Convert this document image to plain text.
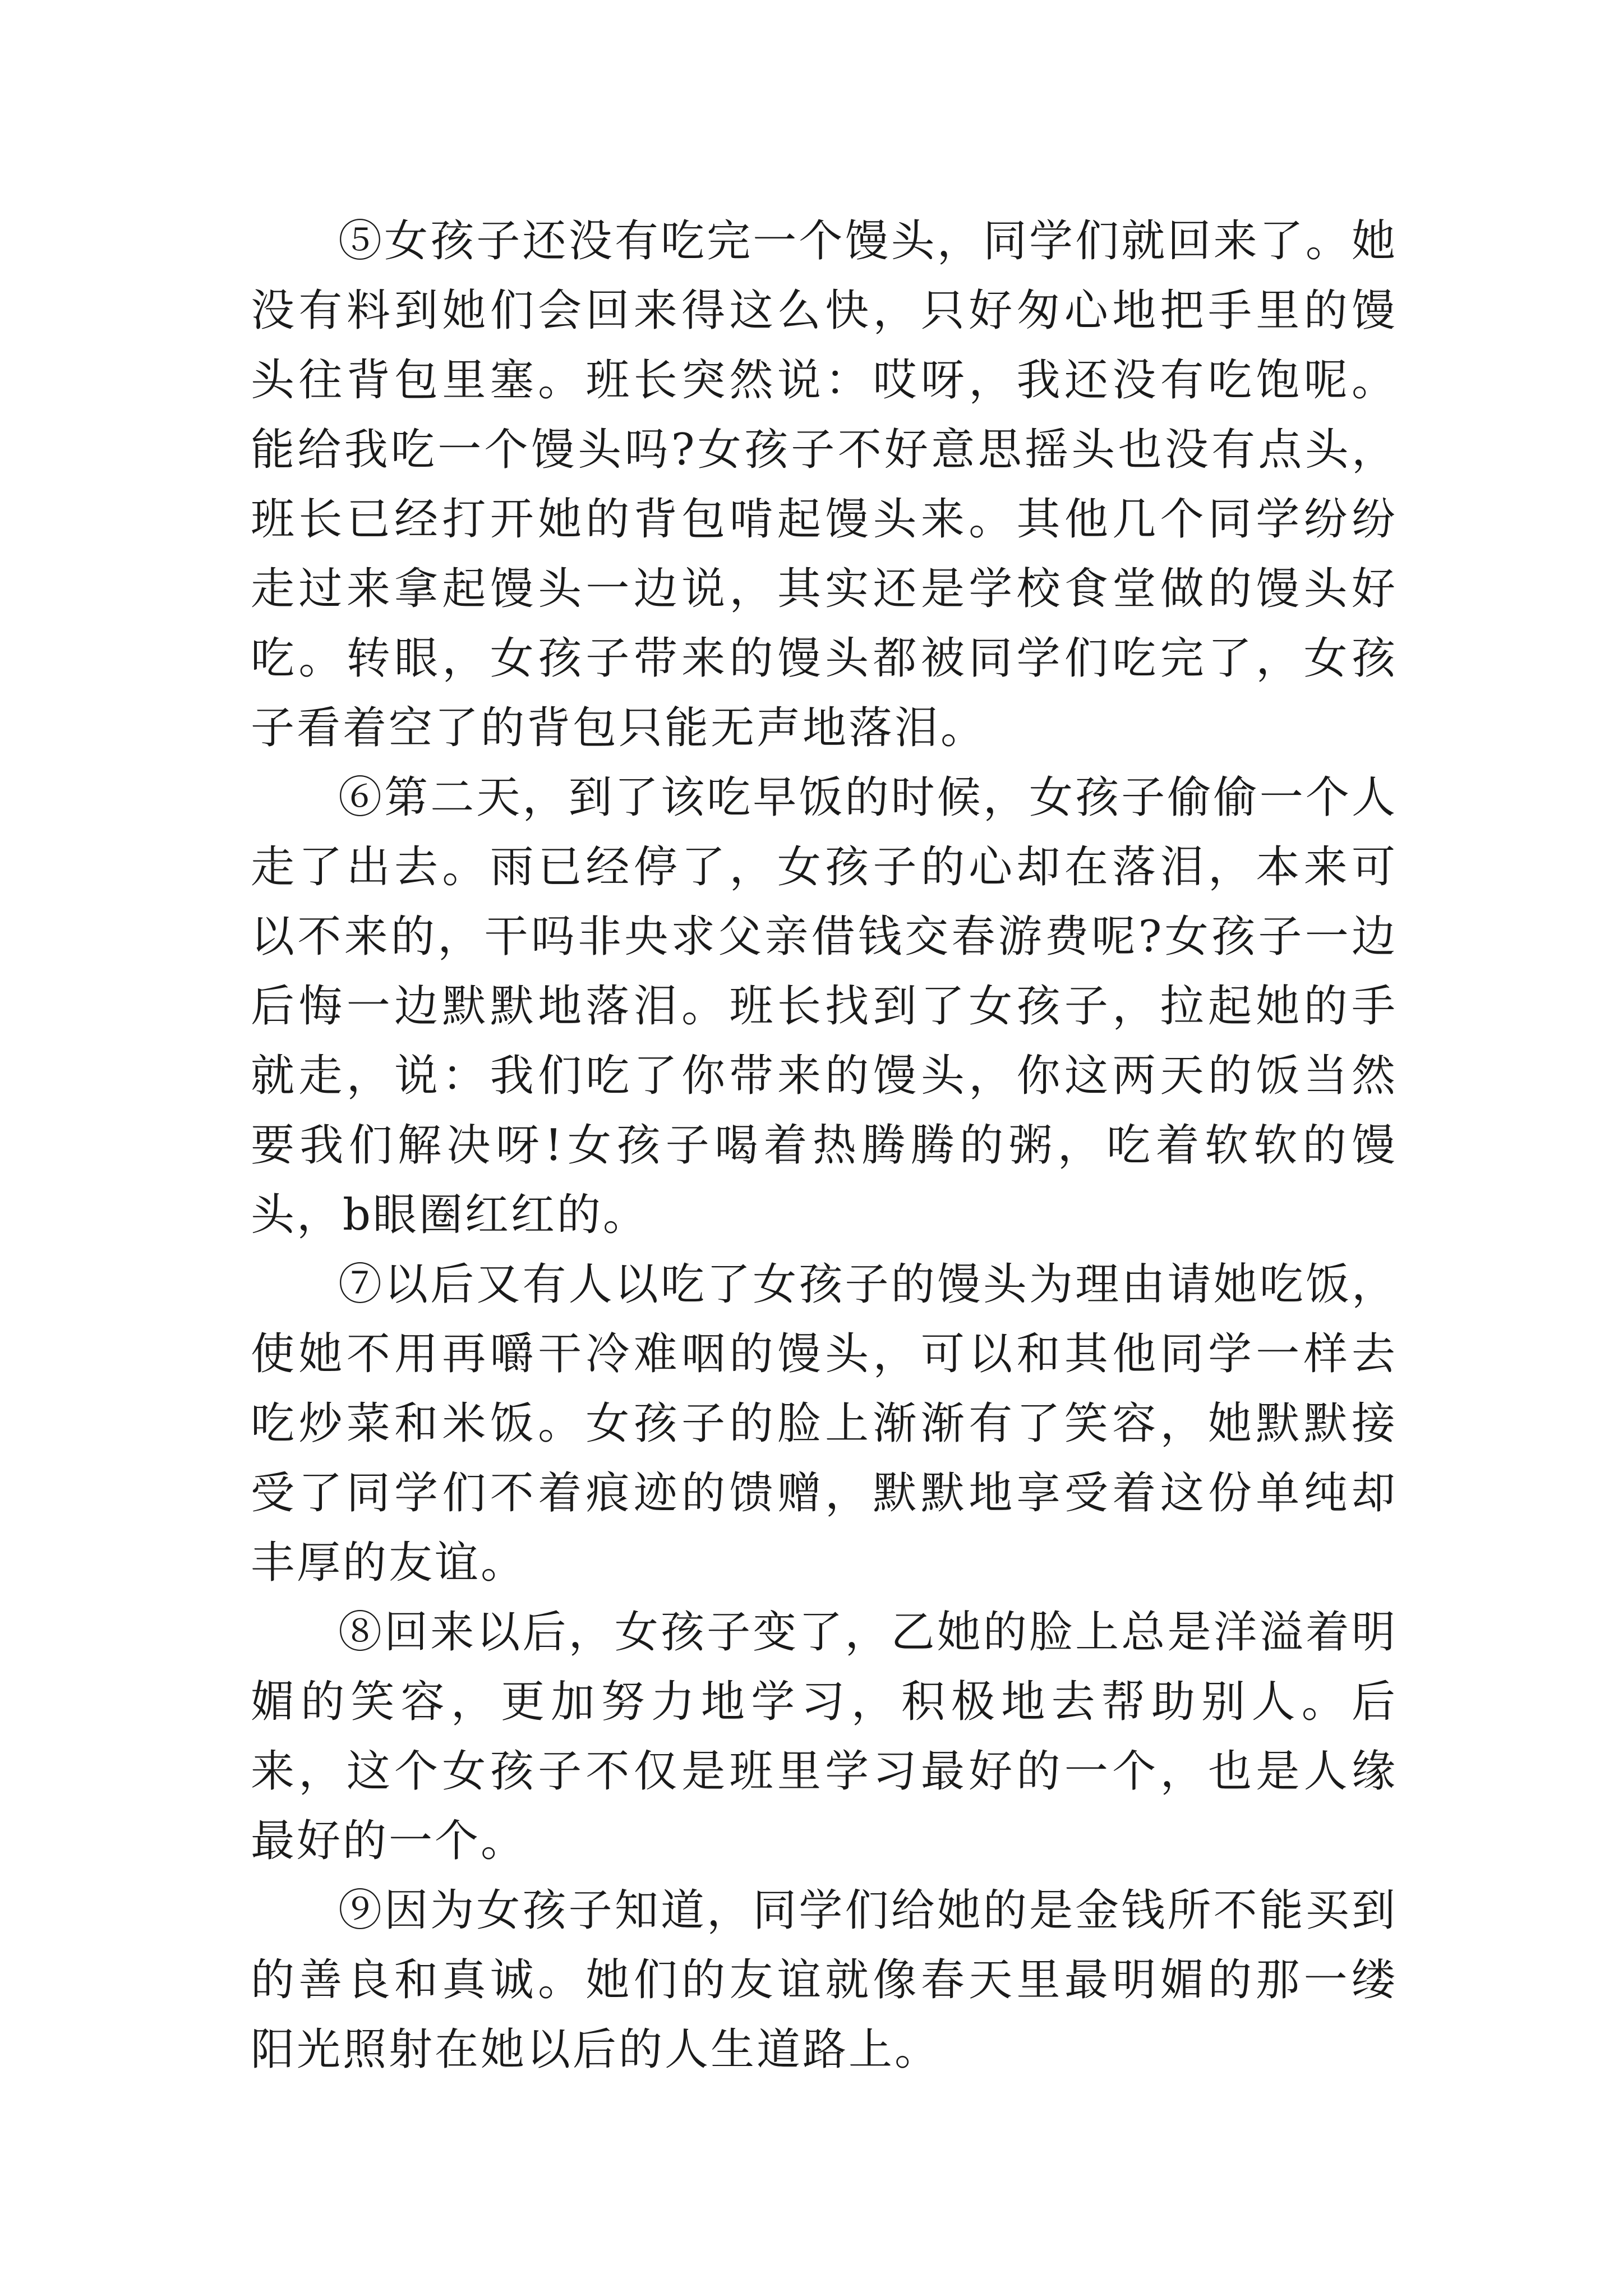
⑤女孩子还没有吃完一个馒头，同学们就回来了。她没有料到她们会回来得这么快，只好匆心地把手里的馒头往背包里塞。班长突然说：哎呀，我还没有吃饱呢。能给我吃一个馒头吗?女孩子不好意思摇头也没有点头，班长已经打开她的背包啃起馒头来。其他几个同学纷纷走过来拿起馒头一边说，其实还是学校食堂做的馒头好吃。转眼，女孩子带来的馒头都被同学们吃完了，女孩子看着空了的背包只能无声地落泪。

⑥第二天，到了该吃早饭的时候，女孩子偷偷一个人走了出去。雨已经停了，女孩子的心却在落泪，本来可以不来的，干吗非央求父亲借钱交春游费呢?女孩子一边后悔一边默默地落泪。班长找到了女孩子，拉起她的手就走，说：我们吃了你带来的馒头，你这两天的饭当然要我们解决呀!女孩子喝着热腾腾的粥，吃着软软的馒头，b眼圈红红的。

⑦以后又有人以吃了女孩子的馒头为理由请她吃饭，使她不用再嚼干冷难咽的馒头，可以和其他同学一样去吃炒菜和米饭。女孩子的脸上渐渐有了笑容，她默默接受了同学们不着痕迹的馈赠，默默地享受着这份单纯却丰厚的友谊。

⑧回来以后，女孩子变了，乙她的脸上总是洋溢着明媚的笑容，更加努力地学习，积极地去帮助别人。后来，这个女孩子不仅是班里学习最好的一个，也是人缘最好的一个。

⑨因为女孩子知道，同学们给她的是金钱所不能买到的善良和真诚。她们的友谊就像春天里最明媚的那一缕阳光照射在她以后的人生道路上。
